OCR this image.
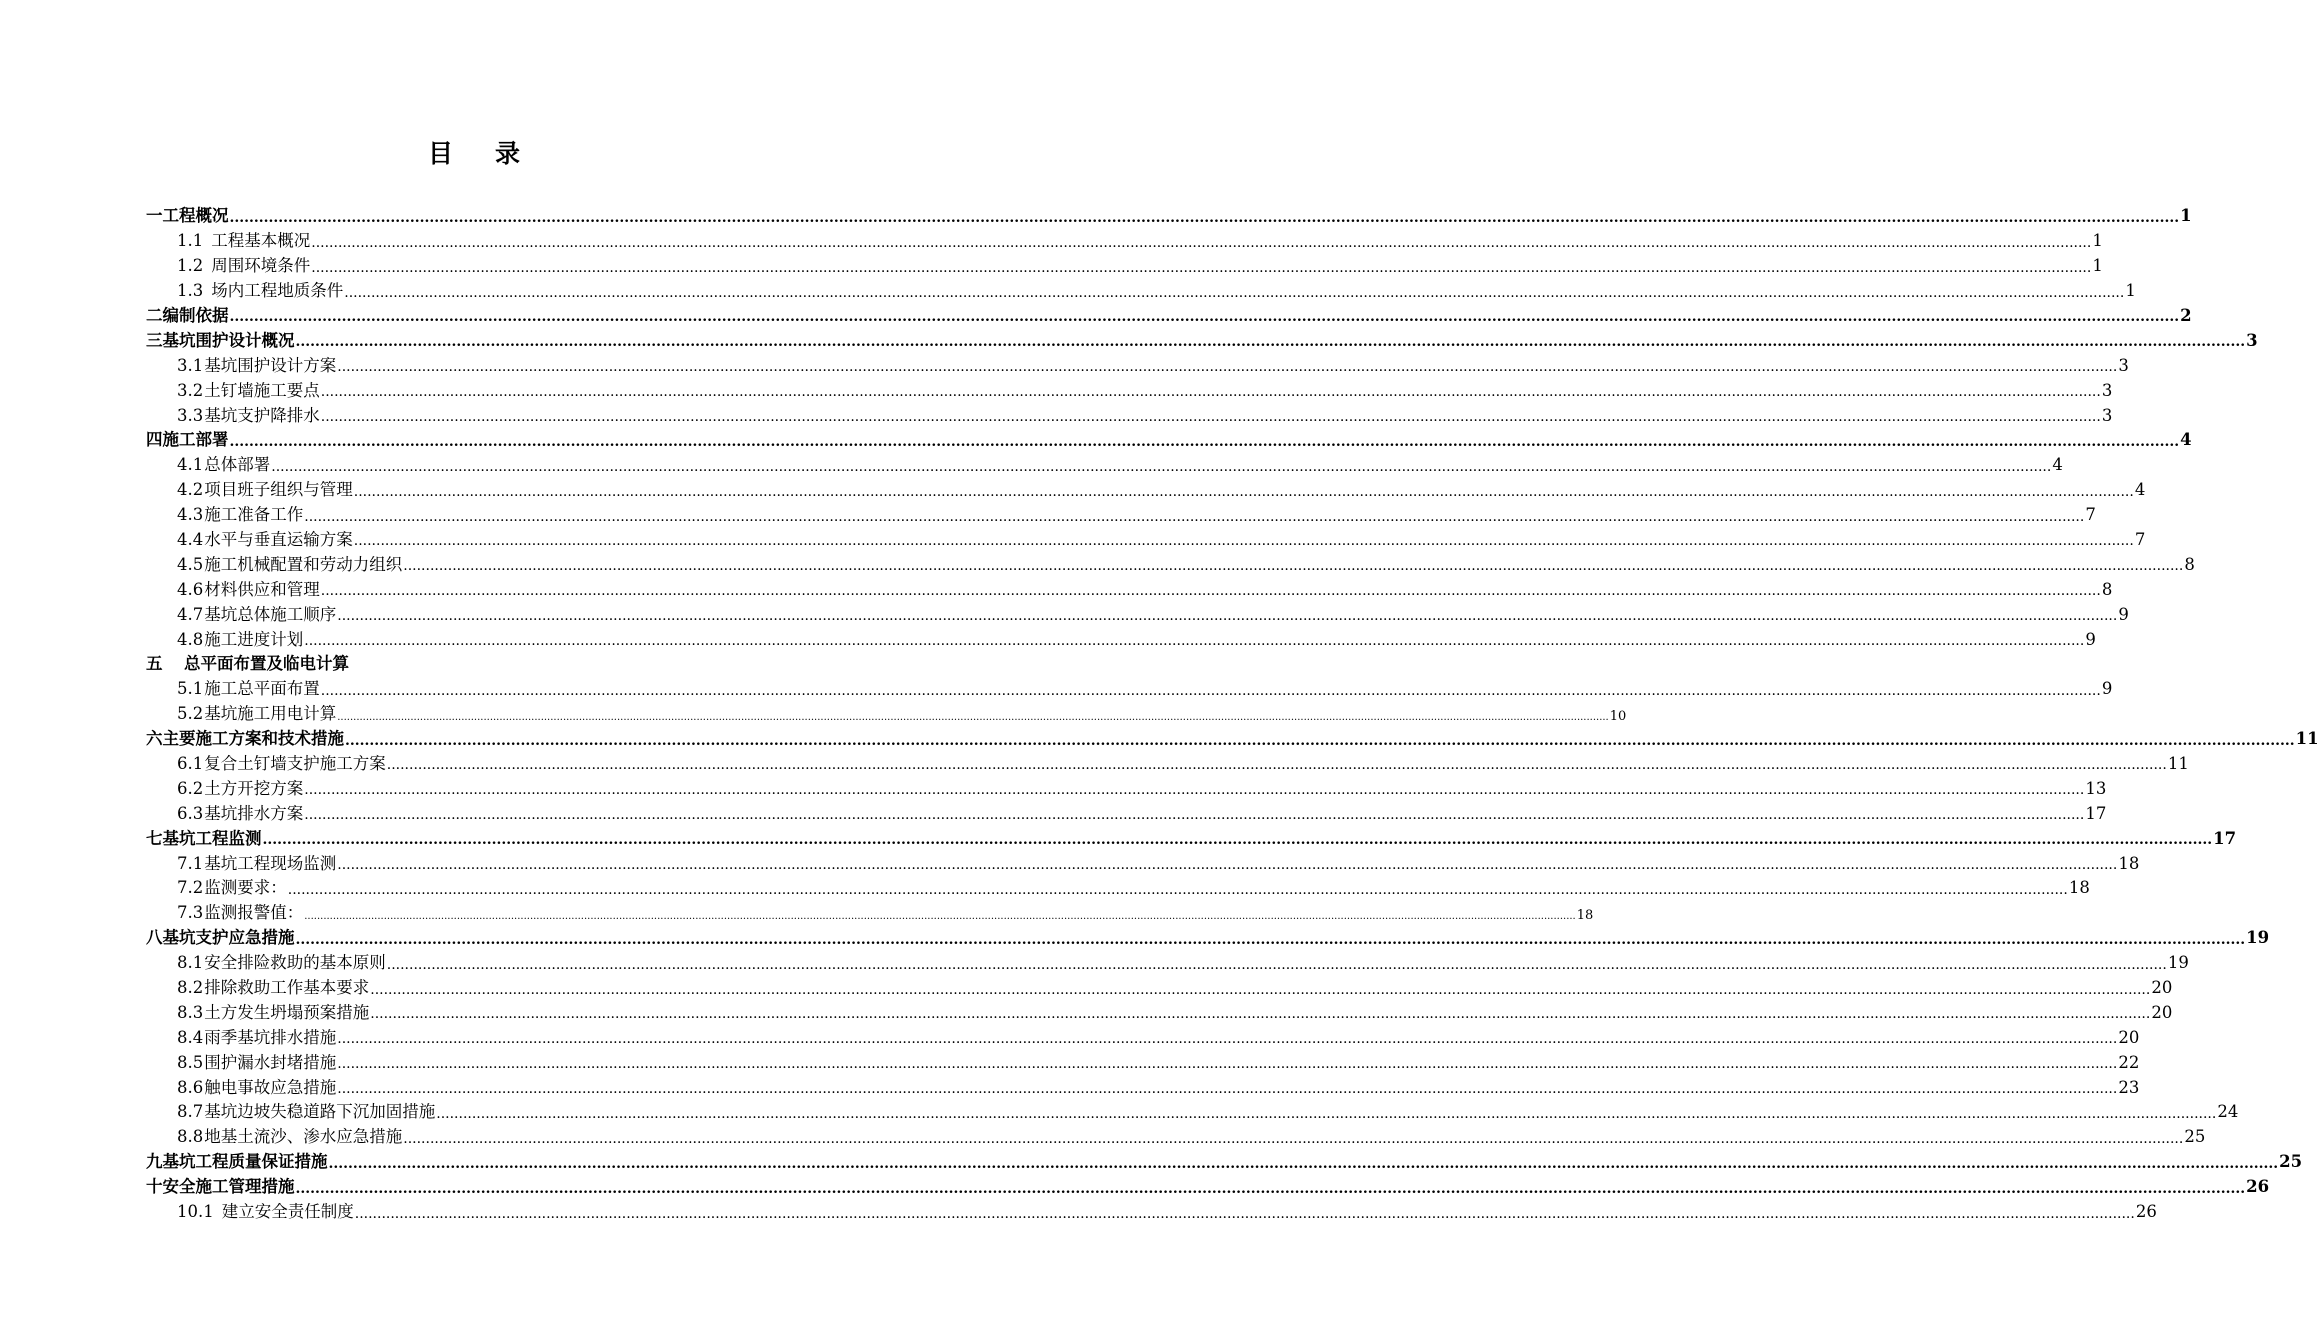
目 录
一 工程概况 ................................................................................................................................................................................................................................................................................................................................................................................................................ 1
1.1 工程基本概况 ................................................................................................................................................................................................................................................................................................................................................................................................................ 1
1.2 周围环境条件 ................................................................................................................................................................................................................................................................................................................................................................................................................ 1
1.3 场内工程地质条件 ................................................................................................................................................................................................................................................................................................................................................................................................................ 1
二 编制依据 ................................................................................................................................................................................................................................................................................................................................................................................................................ 2
三 基坑围护设计概况 ................................................................................................................................................................................................................................................................................................................................................................................................................ 3
3.1 基坑围护设计方案 ................................................................................................................................................................................................................................................................................................................................................................................................................ 3
3.2 土钉墙施工要点 ................................................................................................................................................................................................................................................................................................................................................................................................................ 3
3.3 基坑支护降排水 ................................................................................................................................................................................................................................................................................................................................................................................................................ 3
四 施工部署 ................................................................................................................................................................................................................................................................................................................................................................................................................ 4
4.1 总体部署 ................................................................................................................................................................................................................................................................................................................................................................................................................ 4
4.2 项目班子组织与管理 ................................................................................................................................................................................................................................................................................................................................................................................................................ 4
4.3 施工准备工作 ................................................................................................................................................................................................................................................................................................................................................................................................................ 7
4.4 水平与垂直运输方案 ................................................................................................................................................................................................................................................................................................................................................................................................................ 7
4.5 施工机械配置和劳动力组织 ................................................................................................................................................................................................................................................................................................................................................................................................................ 8
4.6 材料供应和管理 ................................................................................................................................................................................................................................................................................................................................................................................................................ 8
4.7 基坑总体施工顺序 ................................................................................................................................................................................................................................................................................................................................................................................................................ 9
4.8 施工进度计划 ................................................................................................................................................................................................................................................................................................................................................................................................................ 9
五	总平面布置及临电计算
5.1 施工总平面布置 ................................................................................................................................................................................................................................................................................................................................................................................................................ 9
5.2 基坑施工用电计算 ................................................................................................................................................................................................................................................................................................................................................................................................................ 10
六 主要施工方案和技术措施 ................................................................................................................................................................................................................................................................................................................................................................................................................ 11
6.1 复合土钉墙支护施工方案 ................................................................................................................................................................................................................................................................................................................................................................................................................ 11
6.2 土方开挖方案 ................................................................................................................................................................................................................................................................................................................................................................................................................ 13
6.3 基坑排水方案 ................................................................................................................................................................................................................................................................................................................................................................................................................ 17
七 基坑工程监测 ................................................................................................................................................................................................................................................................................................................................................................................................................ 17
7.1 基坑工程现场监测 ................................................................................................................................................................................................................................................................................................................................................................................................................ 18
7.2 监测要求： ................................................................................................................................................................................................................................................................................................................................................................................................................ 18
7.3 监测报警值： ................................................................................................................................................................................................................................................................................................................................................................................................................ 18
八 基坑支护应急措施 ................................................................................................................................................................................................................................................................................................................................................................................................................ 19
8.1 安全排险救助的基本原则 ................................................................................................................................................................................................................................................................................................................................................................................................................ 19
8.2 排除救助工作基本要求 ................................................................................................................................................................................................................................................................................................................................................................................................................ 20
8.3 土方发生坍塌预案措施 ................................................................................................................................................................................................................................................................................................................................................................................................................ 20
8.4 雨季基坑排水措施 ................................................................................................................................................................................................................................................................................................................................................................................................................ 20
8.5 围护漏水封堵措施 ................................................................................................................................................................................................................................................................................................................................................................................................................ 22
8.6 触电事故应急措施 ................................................................................................................................................................................................................................................................................................................................................................................................................ 23
8.7 基坑边坡失稳道路下沉加固措施 ................................................................................................................................................................................................................................................................................................................................................................................................................ 24
8.8 地基土流沙、渗水应急措施 ................................................................................................................................................................................................................................................................................................................................................................................................................ 25
九 基坑工程质量保证措施 ................................................................................................................................................................................................................................................................................................................................................................................................................ 25
十 安全施工管理措施 ................................................................................................................................................................................................................................................................................................................................................................................................................ 26
10.1 建立安全责任制度 ................................................................................................................................................................................................................................................................................................................................................................................................................ 26
